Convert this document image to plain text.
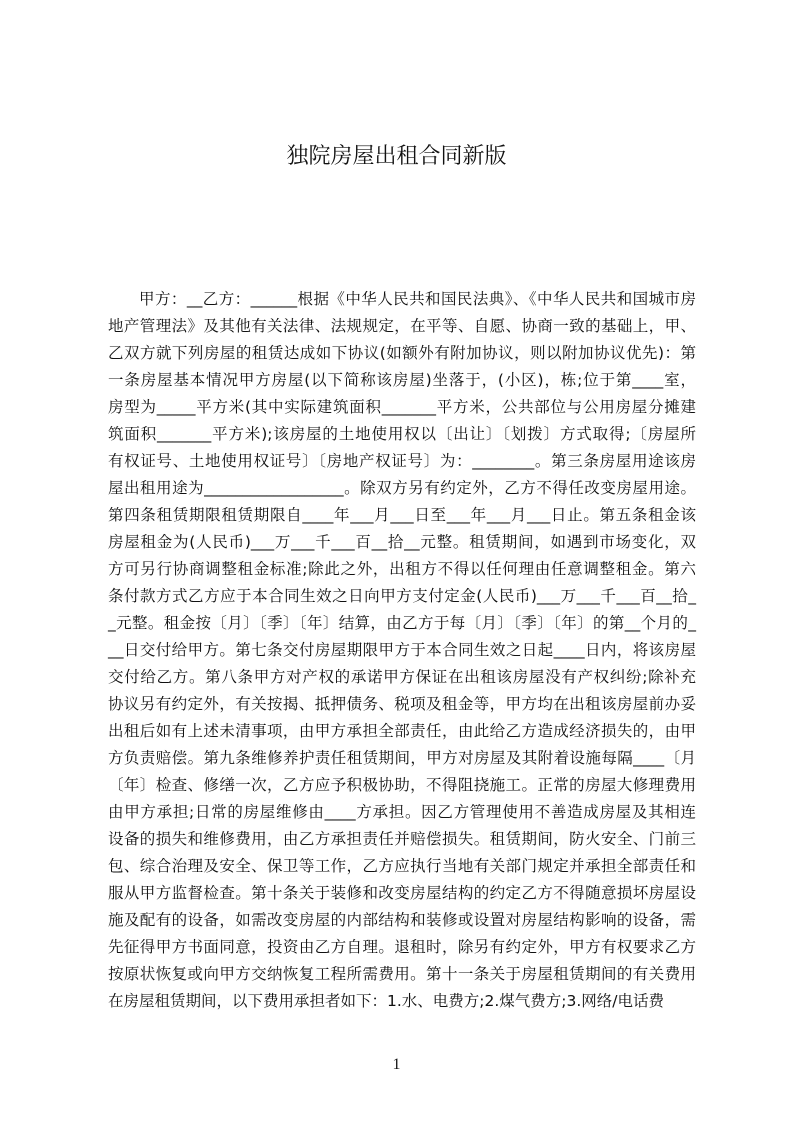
独院房屋出租合同新版
甲方：__乙方：______根据《中华人民共和国民法典》、《中华人民共和国城市房
地产管理法》及其他有关法律、法规规定，在平等、自愿、协商一致的基础上，甲、
乙双方就下列房屋的租赁达成如下协议(如额外有附加协议，则以附加协议优先)：第
一条房屋基本情况甲方房屋(以下简称该房屋)坐落于，(小区)，栋;位于第____室，
房型为_____平方米(其中实际建筑面积_______平方米，公共部位与公用房屋分摊建
筑面积_______平方米);该房屋的土地使用权以〔出让〕〔划拨〕方式取得;〔房屋所
有权证号、土地使用权证号〕〔房地产权证号〕为：________。第三条房屋用途该房
屋出租用途为__________________。除双方另有约定外，乙方不得任改变房屋用途。
第四条租赁期限租赁期限自____年___月___日至___年___月___日止。第五条租金该
房屋租金为(人民币)___万___千___百__拾__元整。租赁期间，如遇到市场变化，双
方可另行协商调整租金标准;除此之外，出租方不得以任何理由任意调整租金。第六
条付款方式乙方应于本合同生效之日向甲方支付定金(人民币)___万___千___百__拾_
_元整。租金按〔月〕〔季〕〔年〕结算，由乙方于每〔月〕〔季〕〔年〕的第__个月的_
__日交付给甲方。第七条交付房屋期限甲方于本合同生效之日起____日内，将该房屋
交付给乙方。第八条甲方对产权的承诺甲方保证在出租该房屋没有产权纠纷;除补充
协议另有约定外，有关按揭、抵押债务、税项及租金等，甲方均在出租该房屋前办妥
出租后如有上述未清事项，由甲方承担全部责任，由此给乙方造成经济损失的，由甲
方负责赔偿。第九条维修养护责任租赁期间，甲方对房屋及其附着设施每隔____〔月
〔年〕检查、修缮一次，乙方应予积极协助，不得阻挠施工。正常的房屋大修理费用
由甲方承担;日常的房屋维修由____方承担。因乙方管理使用不善造成房屋及其相连
设备的损失和维修费用，由乙方承担责任并赔偿损失。租赁期间，防火安全、门前三
包、综合治理及安全、保卫等工作，乙方应执行当地有关部门规定并承担全部责任和
服从甲方监督检查。第十条关于装修和改变房屋结构的约定乙方不得随意损坏房屋设
施及配有的设备，如需改变房屋的内部结构和装修或设置对房屋结构影响的设备，需
先征得甲方书面同意，投资由乙方自理。退租时，除另有约定外，甲方有权要求乙方
按原状恢复或向甲方交纳恢复工程所需费用。第十一条关于房屋租赁期间的有关费用
在房屋租赁期间，以下费用承担者如下：1.水、电费方;2.煤气费方;3.网络/电话费
1
